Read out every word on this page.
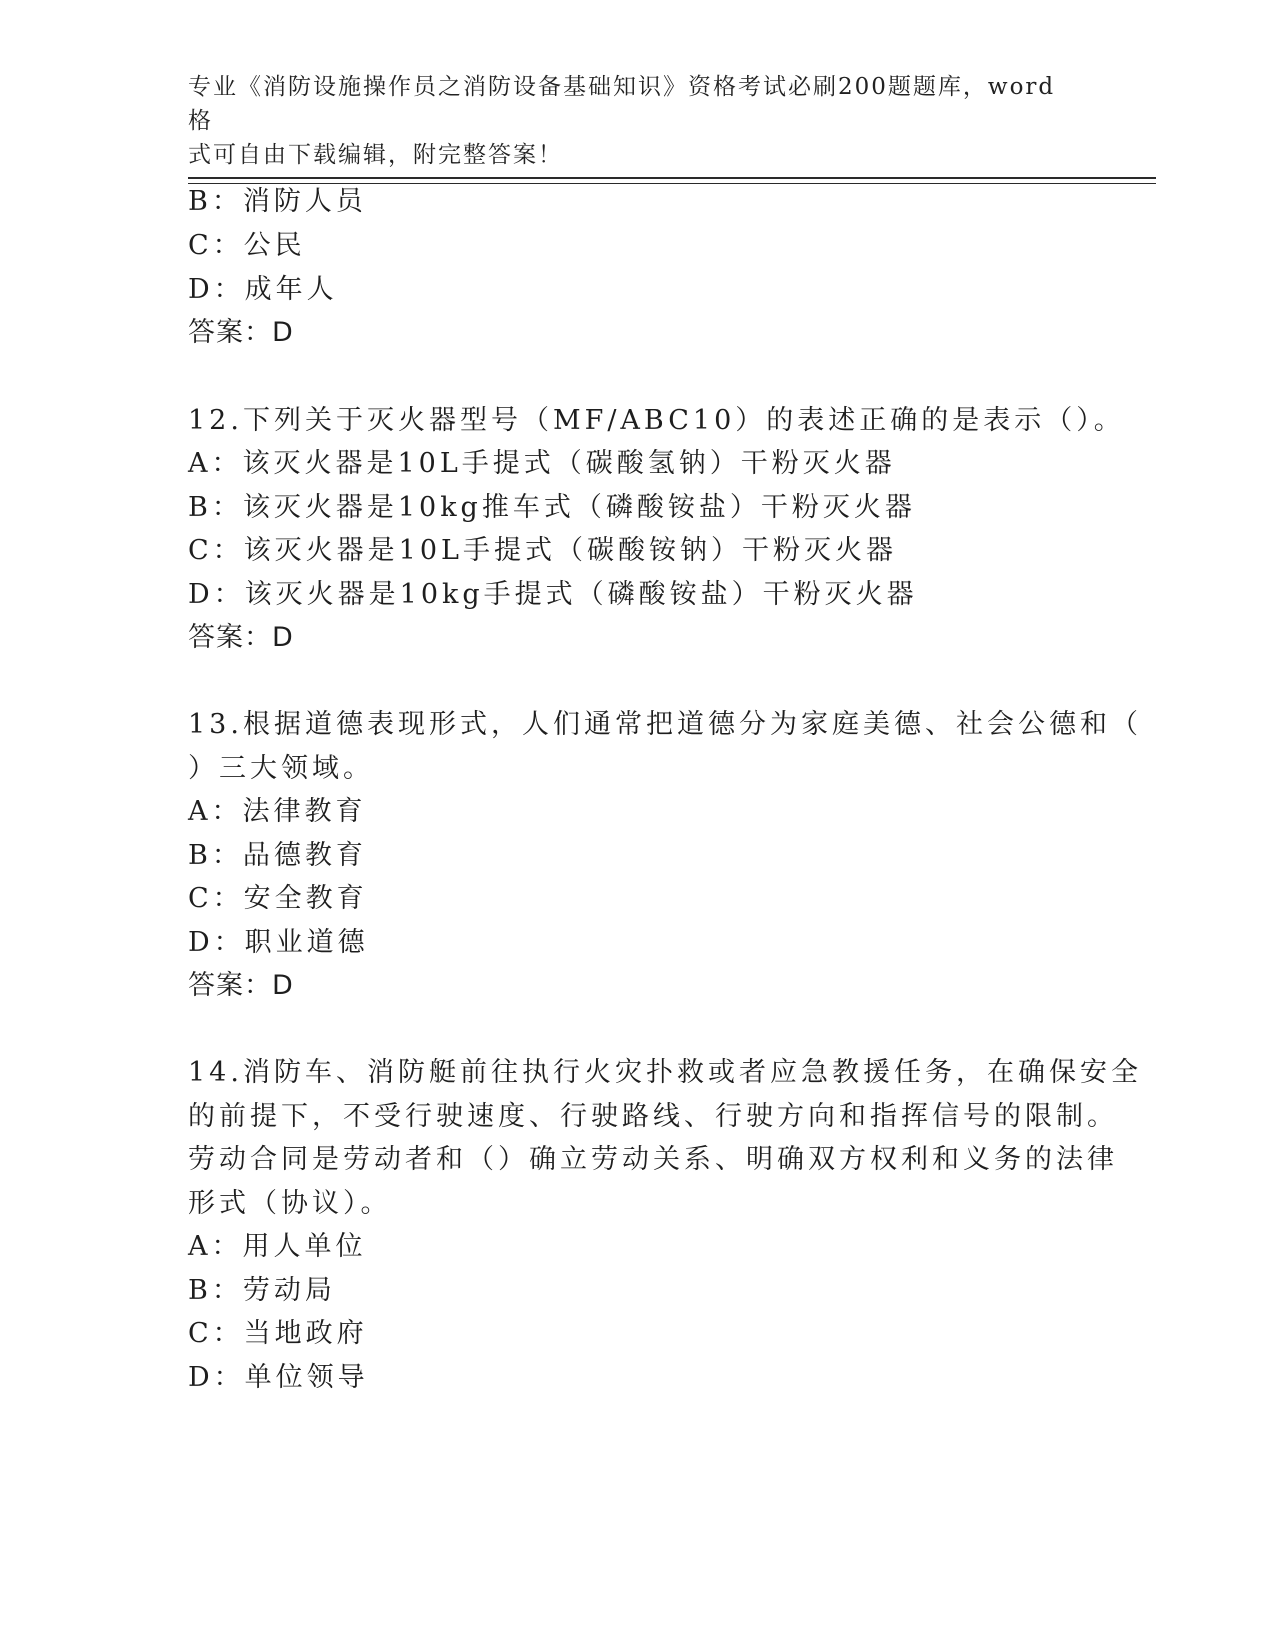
专业《消防设施操作员之消防设备基础知识》资格考试必刷200题题库，word格
式可自由下载编辑，附完整答案！
B：消防人员
C：公民
D：成年人
答案：D
12.下列关于灭火器型号（MF/ABC10）的表述正确的是表示（）。
A：该灭火器是10L手提式（碳酸氢钠）干粉灭火器
B：该灭火器是10kg推车式（磷酸铵盐）干粉灭火器
C：该灭火器是10L手提式（碳酸铵钠）干粉灭火器
D：该灭火器是10kg手提式（磷酸铵盐）干粉灭火器
答案：D
13.根据道德表现形式，人们通常把道德分为家庭美德、社会公德和（
）三大领域。
A：法律教育
B：品德教育
C：安全教育
D：职业道德
答案：D
14.消防车、消防艇前往执行火灾扑救或者应急教援任务，在确保安全
的前提下，不受行驶速度、行驶路线、行驶方向和指挥信号的限制。
劳动合同是劳动者和（）确立劳动关系、明确双方权利和义务的法律
形式（协议）。
A：用人单位
B：劳动局
C：当地政府
D：单位领导
